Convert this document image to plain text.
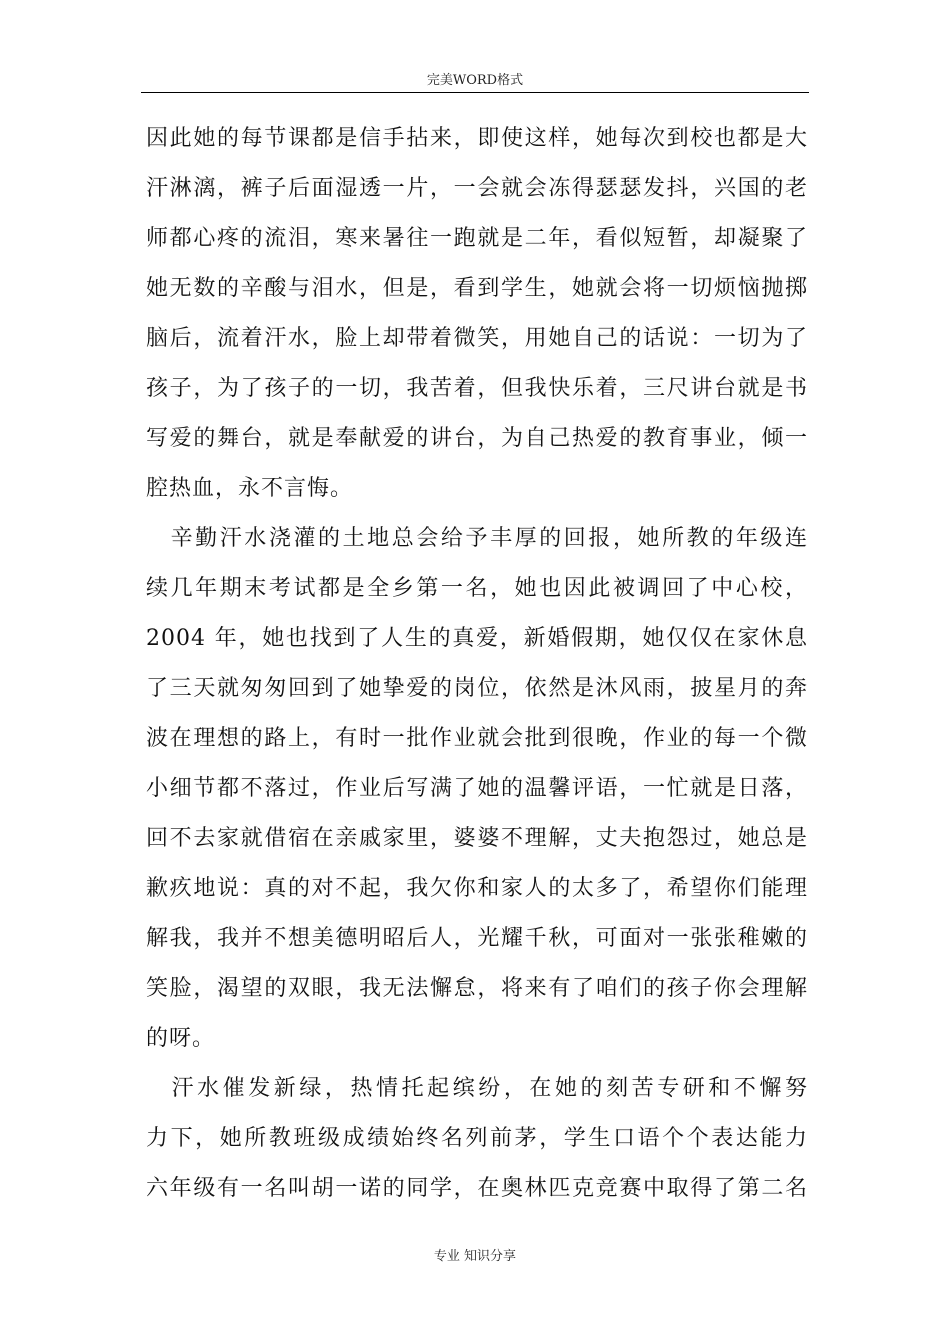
完美WORD格式
因此她的每节课都是信手拈来，即使这样，她每次到校也都是大
汗淋漓，裤子后面湿透一片，一会就会冻得瑟瑟发抖，兴国的老
师都心疼的流泪，寒来暑往一跑就是二年，看似短暂，却凝聚了
她无数的辛酸与泪水，但是，看到学生，她就会将一切烦恼抛掷
脑后，流着汗水，脸上却带着微笑，用她自己的话说：一切为了
孩子，为了孩子的一切，我苦着，但我快乐着，三尺讲台就是书
写爱的舞台，就是奉献爱的讲台，为自己热爱的教育事业，倾一
腔热血，永不言悔。
　辛勤汗水浇灌的土地总会给予丰厚的回报，她所教的年级连
续几年期末考试都是全乡第一名，她也因此被调回了中心校，
2004 年，她也找到了人生的真爱，新婚假期，她仅仅在家休息
了三天就匆匆回到了她挚爱的岗位，依然是沐风雨，披星月的奔
波在理想的路上，有时一批作业就会批到很晚，作业的每一个微
小细节都不落过，作业后写满了她的温馨评语，一忙就是日落，
回不去家就借宿在亲戚家里，婆婆不理解，丈夫抱怨过，她总是
歉疚地说：真的对不起，我欠你和家人的太多了，希望你们能理
解我，我并不想美德明昭后人，光耀千秋，可面对一张张稚嫩的
笑脸，渴望的双眼，我无法懈怠，将来有了咱们的孩子你会理解
的呀。
　汗水催发新绿，热情托起缤纷，在她的刻苦专研和不懈努
力下，她所教班级成绩始终名列前茅，学生口语个个表达能力
六年级有一名叫胡一诺的同学，在奥林匹克竞赛中取得了第二名
专业 知识分享
